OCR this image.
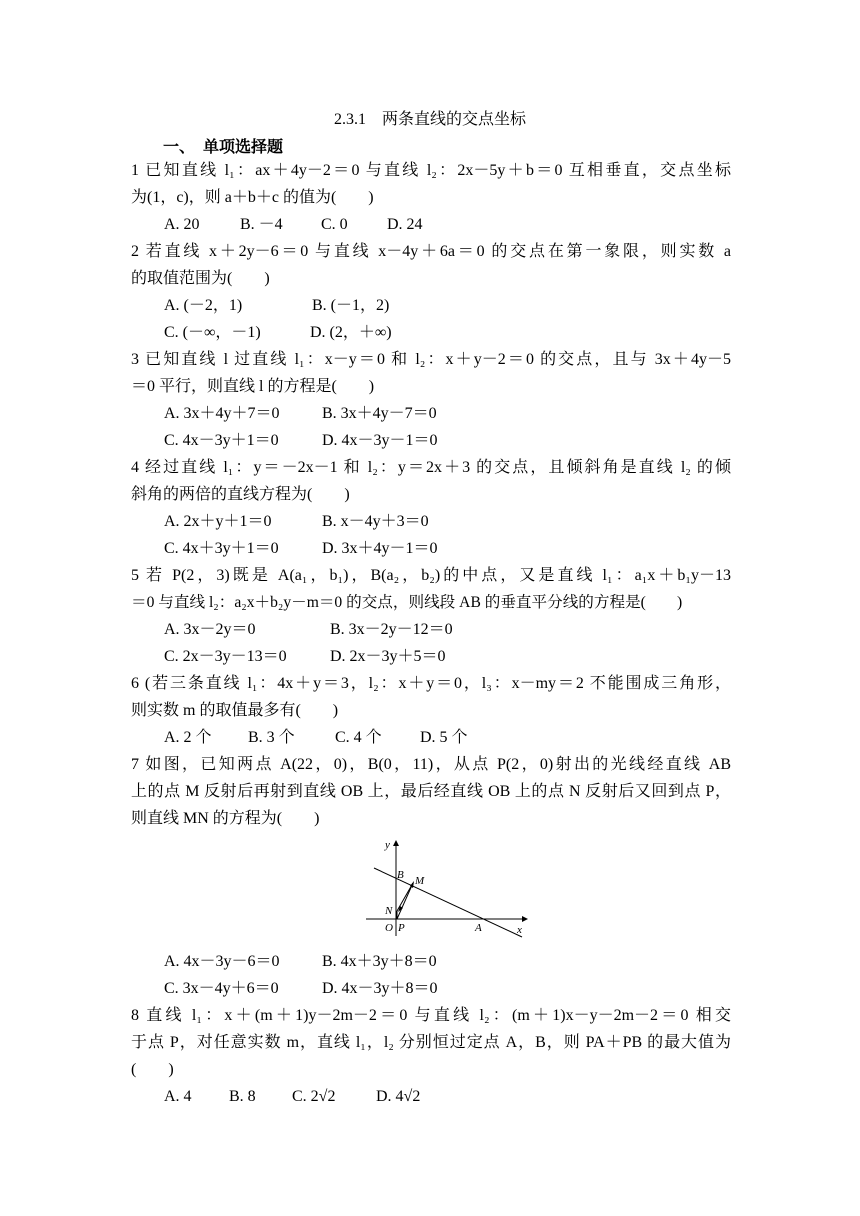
2.3.1　两条直线的交点坐标
一、　单项选择题
1 已知直线 l₁：ax＋4y－2＝0 与直线 l₂：2x－5y＋b＝0 互相垂直，交点坐标
为(1，c)，则 a＋b＋c 的值为(　　)
A. 20	B. －4 C. 0 D. 24
2 若直线 x＋2y－6＝0 与直线 x－4y＋6a＝0 的交点在第一象限，则实数 a
的取值范围为(　　)
A. (－2，1)	B. (－1，2)
C. (－∞，－1)	D. (2，＋∞)
3 已知直线 l 过直线 l₁：x－y＝0 和 l₂：x＋y－2＝0 的交点，且与 3x＋4y－5
＝0 平行，则直线 l 的方程是(　　)
A. 3x＋4y＋7＝0	B. 3x＋4y－7＝0
C. 4x－3y＋1＝0	D. 4x－3y－1＝0
4 经过直线 l₁：y＝－2x－1 和 l₂：y＝2x＋3 的交点，且倾斜角是直线 l₂ 的倾
斜角的两倍的直线方程为(　　)
A. 2x＋y＋1＝0	B. x－4y＋3＝0
C. 4x＋3y＋1＝0	D. 3x＋4y－1＝0
5 若 P(2，3)既是 A(a₁，b₁)，B(a₂，b₂)的中点，又是直线 l₁：a₁x＋b₁y－13
＝0 与直线 l₂：a₂x＋b₂y－m＝0 的交点，则线段 AB 的垂直平分线的方程是(　　)
A. 3x－2y＝0	B. 3x－2y－12＝0
C. 2x－3y－13＝0	D. 2x－3y＋5＝0
6 (若三条直线 l₁：4x＋y＝3，l₂：x＋y＝0，l₃：x－my＝2 不能围成三角形，
则实数 m 的取值最多有(　　)
A. 2 个 B. 3 个	C. 4 个 D. 5 个
7 如图，已知两点 A(22，0)，B(0，11)，从点 P(2，0)射出的光线经直线 AB
上的点 M 反射后再射到直线 OB 上，最后经直线 OB 上的点 N 反射后又回到点 P，
则直线 MN 的方程为(　　)
y
x
O P	A
B M
N
A. 4x－3y－6＝0	B. 4x＋3y＋8＝0
C. 3x－4y＋6＝0	D. 4x－3y＋8＝0
8 直线 l₁：x＋(m＋1)y－2m－2＝0 与直线 l₂：(m＋1)x－y－2m－2＝0 相交
于点 P，对任意实数 m，直线 l₁，l₂ 分别恒过定点 A，B，则 PA＋PB 的最大值为
(　　)
A. 4 B. 8 C. 2√2	D. 4√2
